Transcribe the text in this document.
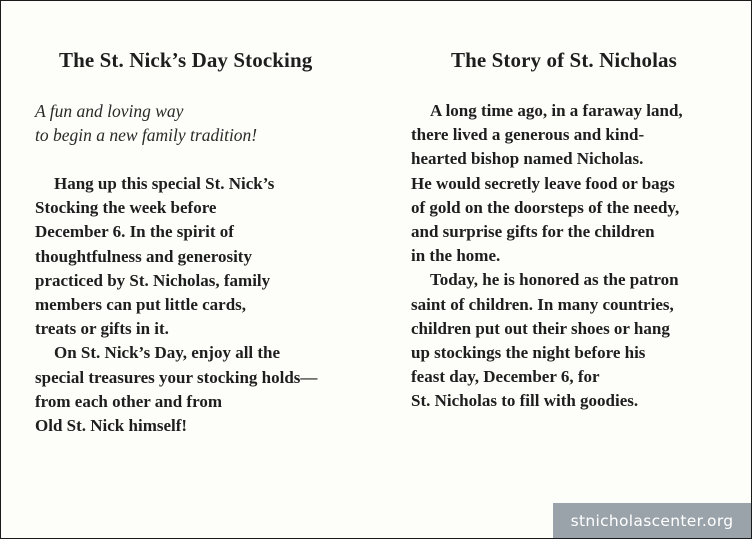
The St. Nick’s Day Stocking
A fun and loving way
to begin a new family tradition!
Hang up this special St. Nick’s
Stocking the week before
December 6. In the spirit of
thoughtfulness and generosity
practiced by St. Nicholas, family
members can put little cards,
treats or gifts in it.
On St. Nick’s Day, enjoy all the
special treasures your stocking holds—
from each other and from
Old St. Nick himself!
The Story of St. Nicholas
A long time ago, in a faraway land,
there lived a generous and kind-
hearted bishop named Nicholas.
He would secretly leave food or bags
of gold on the doorsteps of the needy,
and surprise gifts for the children
in the home.
Today, he is honored as the patron
saint of children. In many countries,
children put out their shoes or hang
up stockings the night before his
feast day, December 6, for
St. Nicholas to fill with goodies.
stnicholascenter.org
